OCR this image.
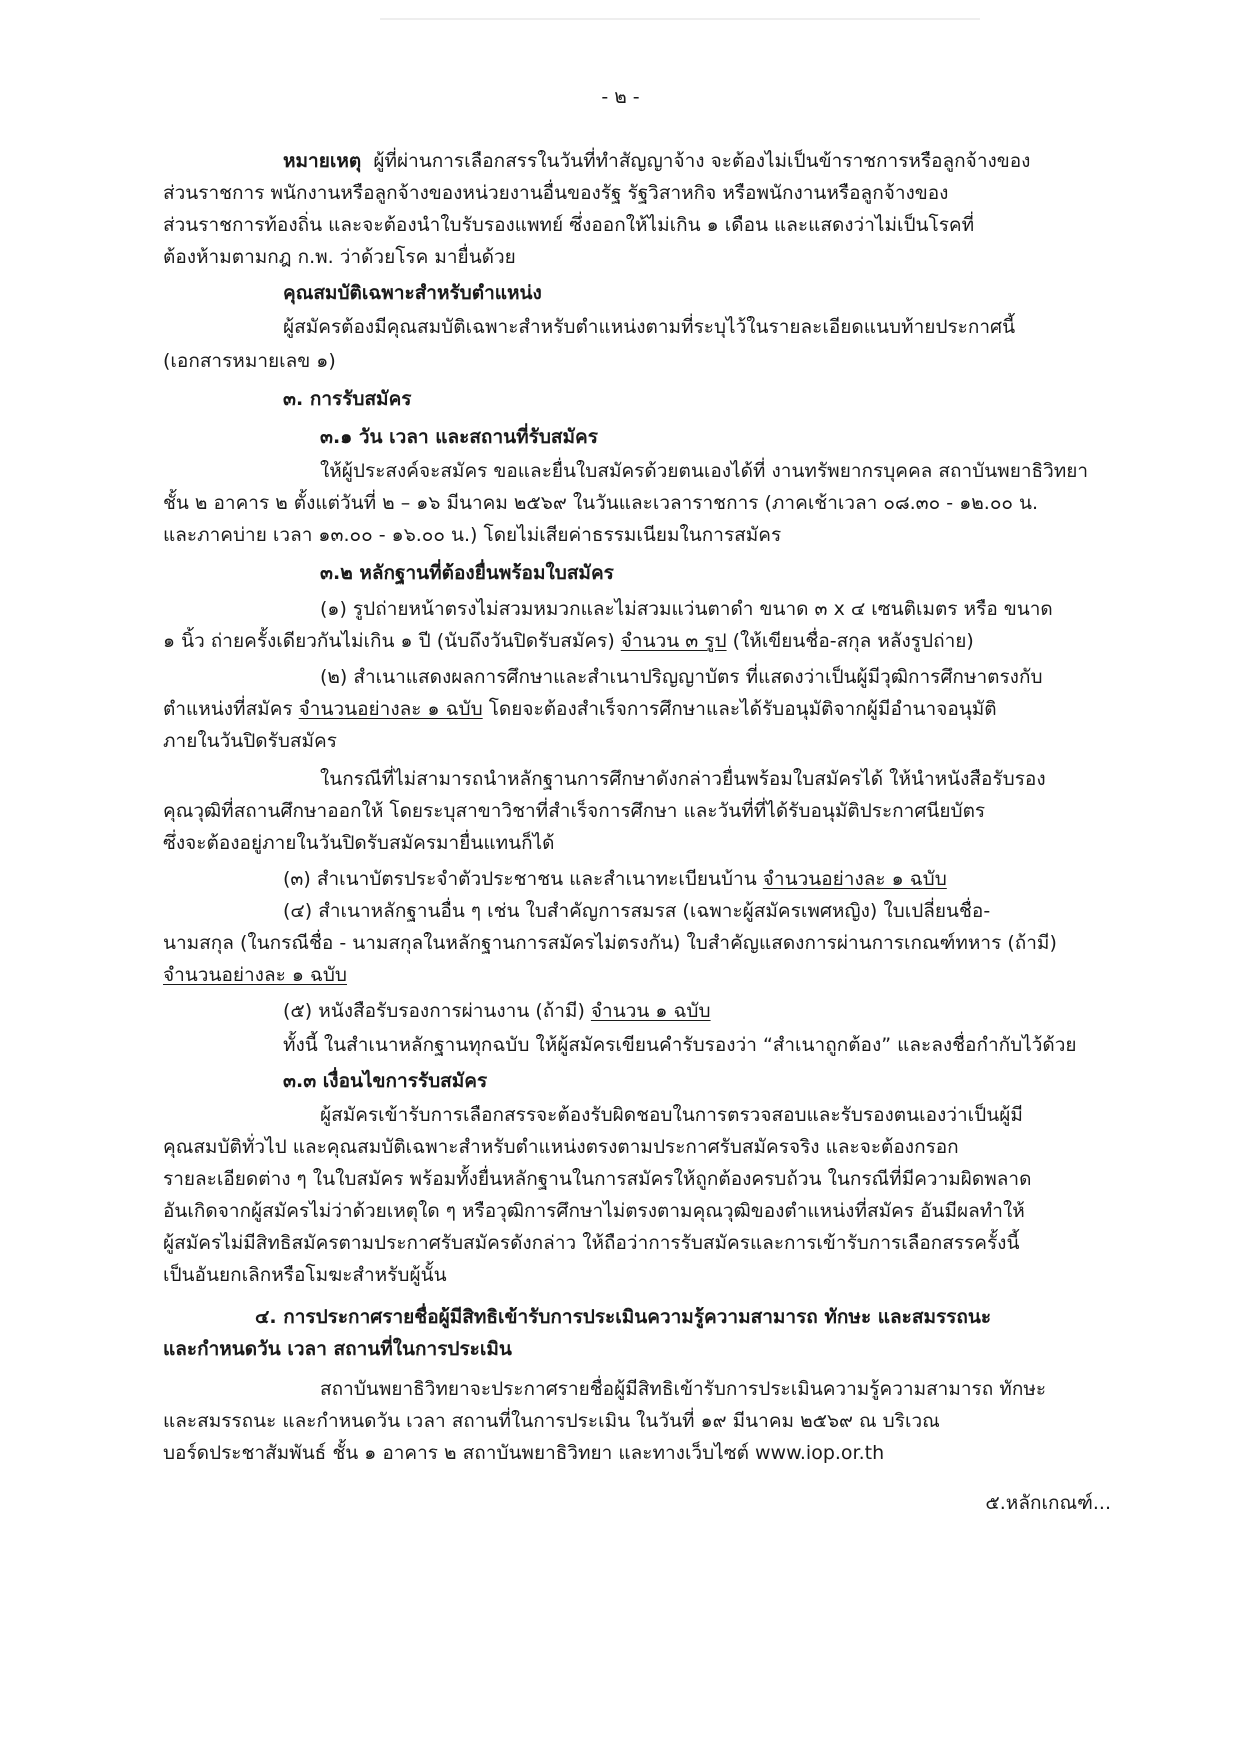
- ๒ -
หมายเหตุ ผู้ที่ผ่านการเลือกสรรในวันที่ทำสัญญาจ้าง จะต้องไม่เป็นข้าราชการหรือลูกจ้างของ
ส่วนราชการ พนักงานหรือลูกจ้างของหน่วยงานอื่นของรัฐ รัฐวิสาหกิจ หรือพนักงานหรือลูกจ้างของ
ส่วนราชการท้องถิ่น และจะต้องนำใบรับรองแพทย์ ซึ่งออกให้ไม่เกิน ๑ เดือน และแสดงว่าไม่เป็นโรคที่
ต้องห้ามตามกฎ ก.พ. ว่าด้วยโรค มายื่นด้วย
คุณสมบัติเฉพาะสำหรับตำแหน่ง
ผู้สมัครต้องมีคุณสมบัติเฉพาะสำหรับตำแหน่งตามที่ระบุไว้ในรายละเอียดแนบท้ายประกาศนี้
(เอกสารหมายเลข ๑)
๓. การรับสมัคร
๓.๑ วัน เวลา และสถานที่รับสมัคร
ให้ผู้ประสงค์จะสมัคร ขอและยื่นใบสมัครด้วยตนเองได้ที่ งานทรัพยากรบุคคล สถาบันพยาธิวิทยา
ชั้น ๒ อาคาร ๒ ตั้งแต่วันที่ ๒ – ๑๖ มีนาคม ๒๕๖๙ ในวันและเวลาราชการ (ภาคเช้าเวลา ๐๘.๓๐ - ๑๒.๐๐ น.
และภาคบ่าย เวลา ๑๓.๐๐ - ๑๖.๐๐ น.) โดยไม่เสียค่าธรรมเนียมในการสมัคร
๓.๒ หลักฐานที่ต้องยื่นพร้อมใบสมัคร
(๑) รูปถ่ายหน้าตรงไม่สวมหมวกและไม่สวมแว่นตาดำ ขนาด ๓ x ๔ เซนติเมตร หรือ ขนาด
๑ นิ้ว ถ่ายครั้งเดียวกันไม่เกิน ๑ ปี (นับถึงวันปิดรับสมัคร) จำนวน ๓ รูป (ให้เขียนชื่อ-สกุล หลังรูปถ่าย)
(๒) สำเนาแสดงผลการศึกษาและสำเนาปริญญาบัตร ที่แสดงว่าเป็นผู้มีวุฒิการศึกษาตรงกับ
ตำแหน่งที่สมัคร จำนวนอย่างละ ๑ ฉบับ โดยจะต้องสำเร็จการศึกษาและได้รับอนุมัติจากผู้มีอำนาจอนุมัติ
ภายในวันปิดรับสมัคร
ในกรณีที่ไม่สามารถนำหลักฐานการศึกษาดังกล่าวยื่นพร้อมใบสมัครได้ ให้นำหนังสือรับรอง
คุณวุฒิที่สถานศึกษาออกให้ โดยระบุสาขาวิชาที่สำเร็จการศึกษา และวันที่ที่ได้รับอนุมัติประกาศนียบัตร
ซึ่งจะต้องอยู่ภายในวันปิดรับสมัครมายื่นแทนก็ได้
(๓) สำเนาบัตรประจำตัวประชาชน และสำเนาทะเบียนบ้าน จำนวนอย่างละ ๑ ฉบับ
(๔) สำเนาหลักฐานอื่น ๆ เช่น ใบสำคัญการสมรส (เฉพาะผู้สมัครเพศหญิง) ใบเปลี่ยนชื่อ-
นามสกุล (ในกรณีชื่อ - นามสกุลในหลักฐานการสมัครไม่ตรงกัน) ใบสำคัญแสดงการผ่านการเกณฑ์ทหาร (ถ้ามี)
จำนวนอย่างละ ๑ ฉบับ
(๕) หนังสือรับรองการผ่านงาน (ถ้ามี) จำนวน ๑ ฉบับ
ทั้งนี้ ในสำเนาหลักฐานทุกฉบับ ให้ผู้สมัครเขียนคำรับรองว่า “สำเนาถูกต้อง” และลงชื่อกำกับไว้ด้วย
๓.๓ เงื่อนไขการรับสมัคร
ผู้สมัครเข้ารับการเลือกสรรจะต้องรับผิดชอบในการตรวจสอบและรับรองตนเองว่าเป็นผู้มี
คุณสมบัติทั่วไป และคุณสมบัติเฉพาะสำหรับตำแหน่งตรงตามประกาศรับสมัครจริง และจะต้องกรอก
รายละเอียดต่าง ๆ ในใบสมัคร พร้อมทั้งยื่นหลักฐานในการสมัครให้ถูกต้องครบถ้วน ในกรณีที่มีความผิดพลาด
อันเกิดจากผู้สมัครไม่ว่าด้วยเหตุใด ๆ หรือวุฒิการศึกษาไม่ตรงตามคุณวุฒิของตำแหน่งที่สมัคร อันมีผลทำให้
ผู้สมัครไม่มีสิทธิสมัครตามประกาศรับสมัครดังกล่าว ให้ถือว่าการรับสมัครและการเข้ารับการเลือกสรรครั้งนี้
เป็นอันยกเลิกหรือโมฆะสำหรับผู้นั้น
๔. การประกาศรายชื่อผู้มีสิทธิเข้ารับการประเมินความรู้ความสามารถ ทักษะ และสมรรถนะ
และกำหนดวัน เวลา สถานที่ในการประเมิน
สถาบันพยาธิวิทยาจะประกาศรายชื่อผู้มีสิทธิเข้ารับการประเมินความรู้ความสามารถ ทักษะ
และสมรรถนะ และกำหนดวัน เวลา สถานที่ในการประเมิน ในวันที่ ๑๙ มีนาคม ๒๕๖๙ ณ บริเวณ
บอร์ดประชาสัมพันธ์ ชั้น ๑ อาคาร ๒ สถาบันพยาธิวิทยา และทางเว็บไซต์ www.iop.or.th
๕.หลักเกณฑ์...
